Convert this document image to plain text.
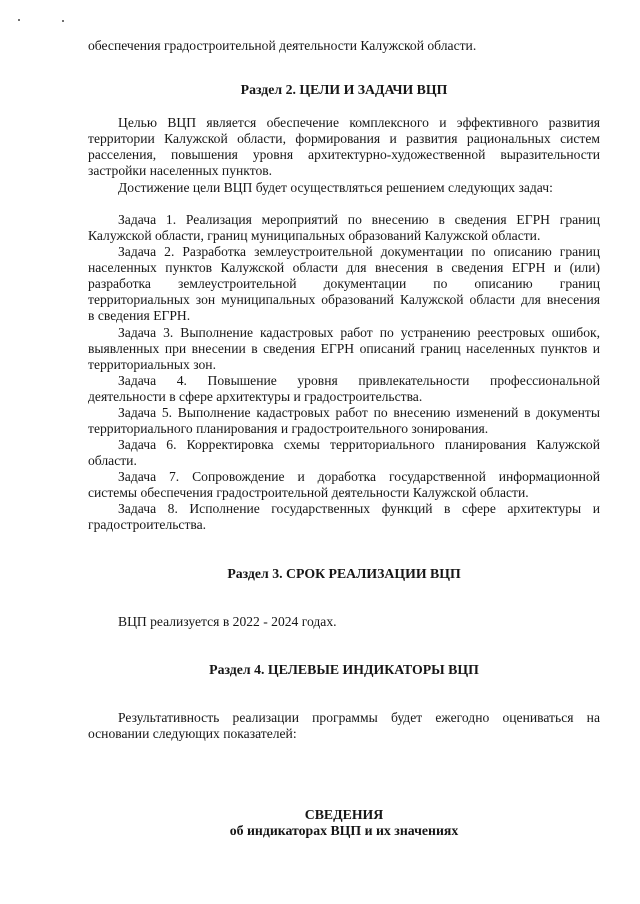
обеспечения градостроительной деятельности Калужской области.
Раздел 2. ЦЕЛИ И ЗАДАЧИ ВЦП
Целью ВЦП является обеспечение комплексного и эффективного развития
территории Калужской области, формирования и развития рациональных систем
расселения, повышения уровня архитектурно-художественной выразительности
застройки населенных пунктов.
Достижение цели ВЦП будет осуществляться решением следующих задач:
Задача 1. Реализация мероприятий по внесению в сведения ЕГРН границ
Калужской области, границ муниципальных образований Калужской области.
Задача 2. Разработка землеустроительной документации по описанию границ
населенных пунктов Калужской области для внесения в сведения ЕГРН и (или)
разработка землеустроительной документации по описанию границ
территориальных зон муниципальных образований Калужской области для внесения
в сведения ЕГРН.
Задача 3. Выполнение кадастровых работ по устранению реестровых ошибок,
выявленных при внесении в сведения ЕГРН описаний границ населенных пунктов и
территориальных зон.
Задача 4. Повышение уровня привлекательности профессиональной
деятельности в сфере архитектуры и градостроительства.
Задача 5. Выполнение кадастровых работ по внесению изменений в документы
территориального планирования и градостроительного зонирования.
Задача 6. Корректировка схемы территориального планирования Калужской
области.
Задача 7. Сопровождение и доработка государственной информационной
системы обеспечения градостроительной деятельности Калужской области.
Задача 8. Исполнение государственных функций в сфере архитектуры и
градостроительства.
Раздел 3. СРОК РЕАЛИЗАЦИИ ВЦП
ВЦП реализуется в 2022 - 2024 годах.
Раздел 4. ЦЕЛЕВЫЕ ИНДИКАТОРЫ ВЦП
Результативность реализации программы будет ежегодно оцениваться на
основании следующих показателей:
СВЕДЕНИЯ
об индикаторах ВЦП и их значениях
